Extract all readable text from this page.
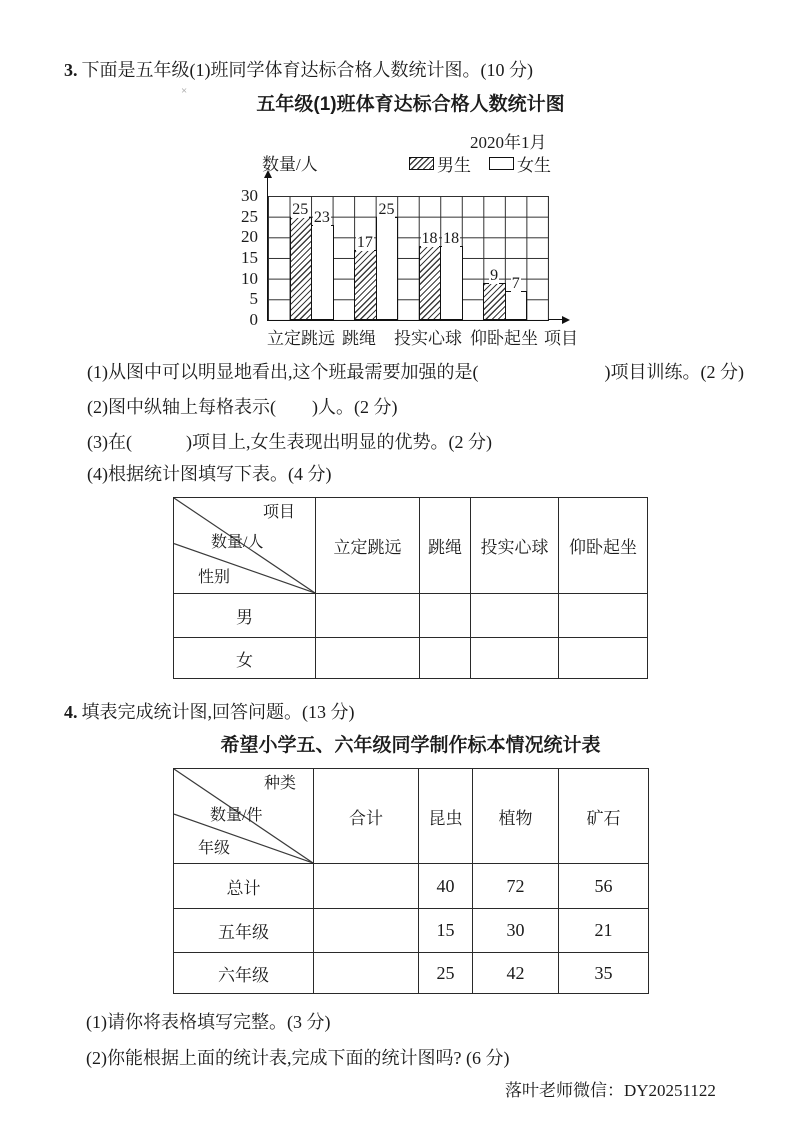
3. 下面是五年级(1)班同学体育达标合格人数统计图。(10 分)
×
五年级(1)班体育达标合格人数统计图
2020年1月
数量/人	男生	女生
30
25
20
15
10
5
0
25 23
17
25
18 18
9 7
立定跳远 跳绳 投实心球 仰卧起坐 项目
(1)从图中可以明显地看出,这个班最需要加强的是(　　　　　　　)项目训练。(2 分)
(2)图中纵轴上每格表示(　　)人。(2 分)
(3)在(　　　)项目上,女生表现出明显的优势。(2 分)
(4)根据统计图填写下表。(4 分)
项目
数量/人
性别	立定跳远	跳绳	投实心球	仰卧起坐
男				
女				
4. 填表完成统计图,回答问题。(13 分)
希望小学五、六年级同学制作标本情况统计表
种类
数量/件
年级	合计	昆虫	植物	矿石
总计		40	72	56
五年级		15	30	21
六年级		25	42	35
(1)请你将表格填写完整。(3 分)
(2)你能根据上面的统计表,完成下面的统计图吗? (6 分)
落叶老师微信：DY20251122
